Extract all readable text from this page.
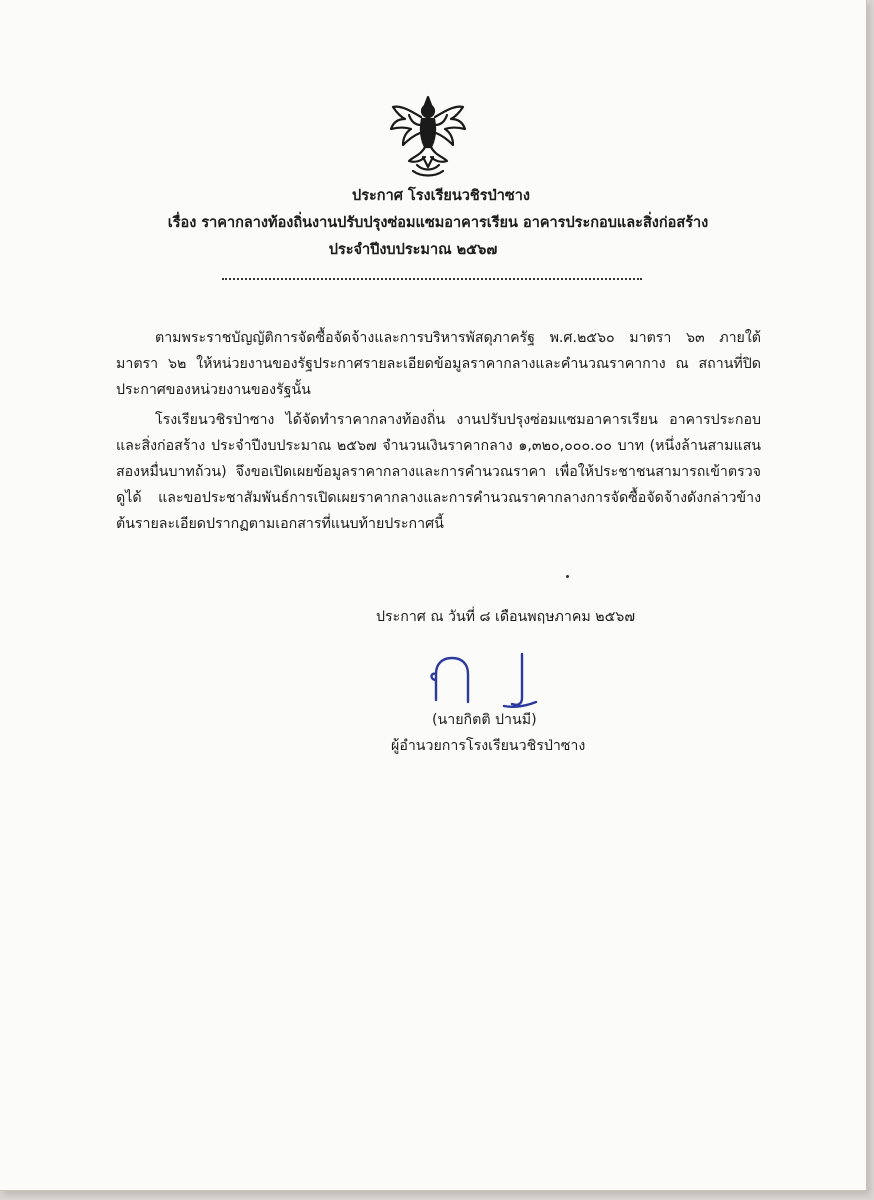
ประกาศ โรงเรียนวชิรป่าซาง
เรื่อง ราคากลางท้องถิ่นงานปรับปรุงซ่อมแซมอาคารเรียน อาคารประกอบและสิ่งก่อสร้าง
ประจำปีงบประมาณ ๒๕๖๗
ตามพระราชบัญญัติการจัดซื้อจัดจ้างและการบริหารพัสดุภาครัฐ พ.ศ.๒๕๖๐ มาตรา ๖๓ ภายใต้มาตรา ๖๒ ให้หน่วยงานของรัฐประกาศรายละเอียดข้อมูลราคากลางและคำนวณราคากาง ณ สถานที่ปิดประกาศของหน่วยงานของรัฐนั้น
โรงเรียนวชิรป่าซาง ได้จัดทำราคากลางท้องถิ่น งานปรับปรุงซ่อมแซมอาคารเรียน อาคารประกอบและสิ่งก่อสร้าง ประจำปีงบประมาณ ๒๕๖๗ จำนวนเงินราคากลาง ๑,๓๒๐,๐๐๐.๐๐ บาท (หนึ่งล้านสามแสนสองหมื่นบาทถ้วน) จึงขอเปิดเผยข้อมูลราคากลางและการคำนวณราคา เพื่อให้ประชาชนสามารถเข้าตรวจดูได้ และขอประชาสัมพันธ์การเปิดเผยราคากลางและการคำนวณราคากลางการจัดซื้อจัดจ้างดังกล่าวข้างต้นรายละเอียดปรากฏตามเอกสารที่แนบท้ายประกาศนี้
ประกาศ ณ วันที่ ๘ เดือนพฤษภาคม ๒๕๖๗
(นายกิตติ ปานมี)
ผู้อำนวยการโรงเรียนวชิรป่าซาง
